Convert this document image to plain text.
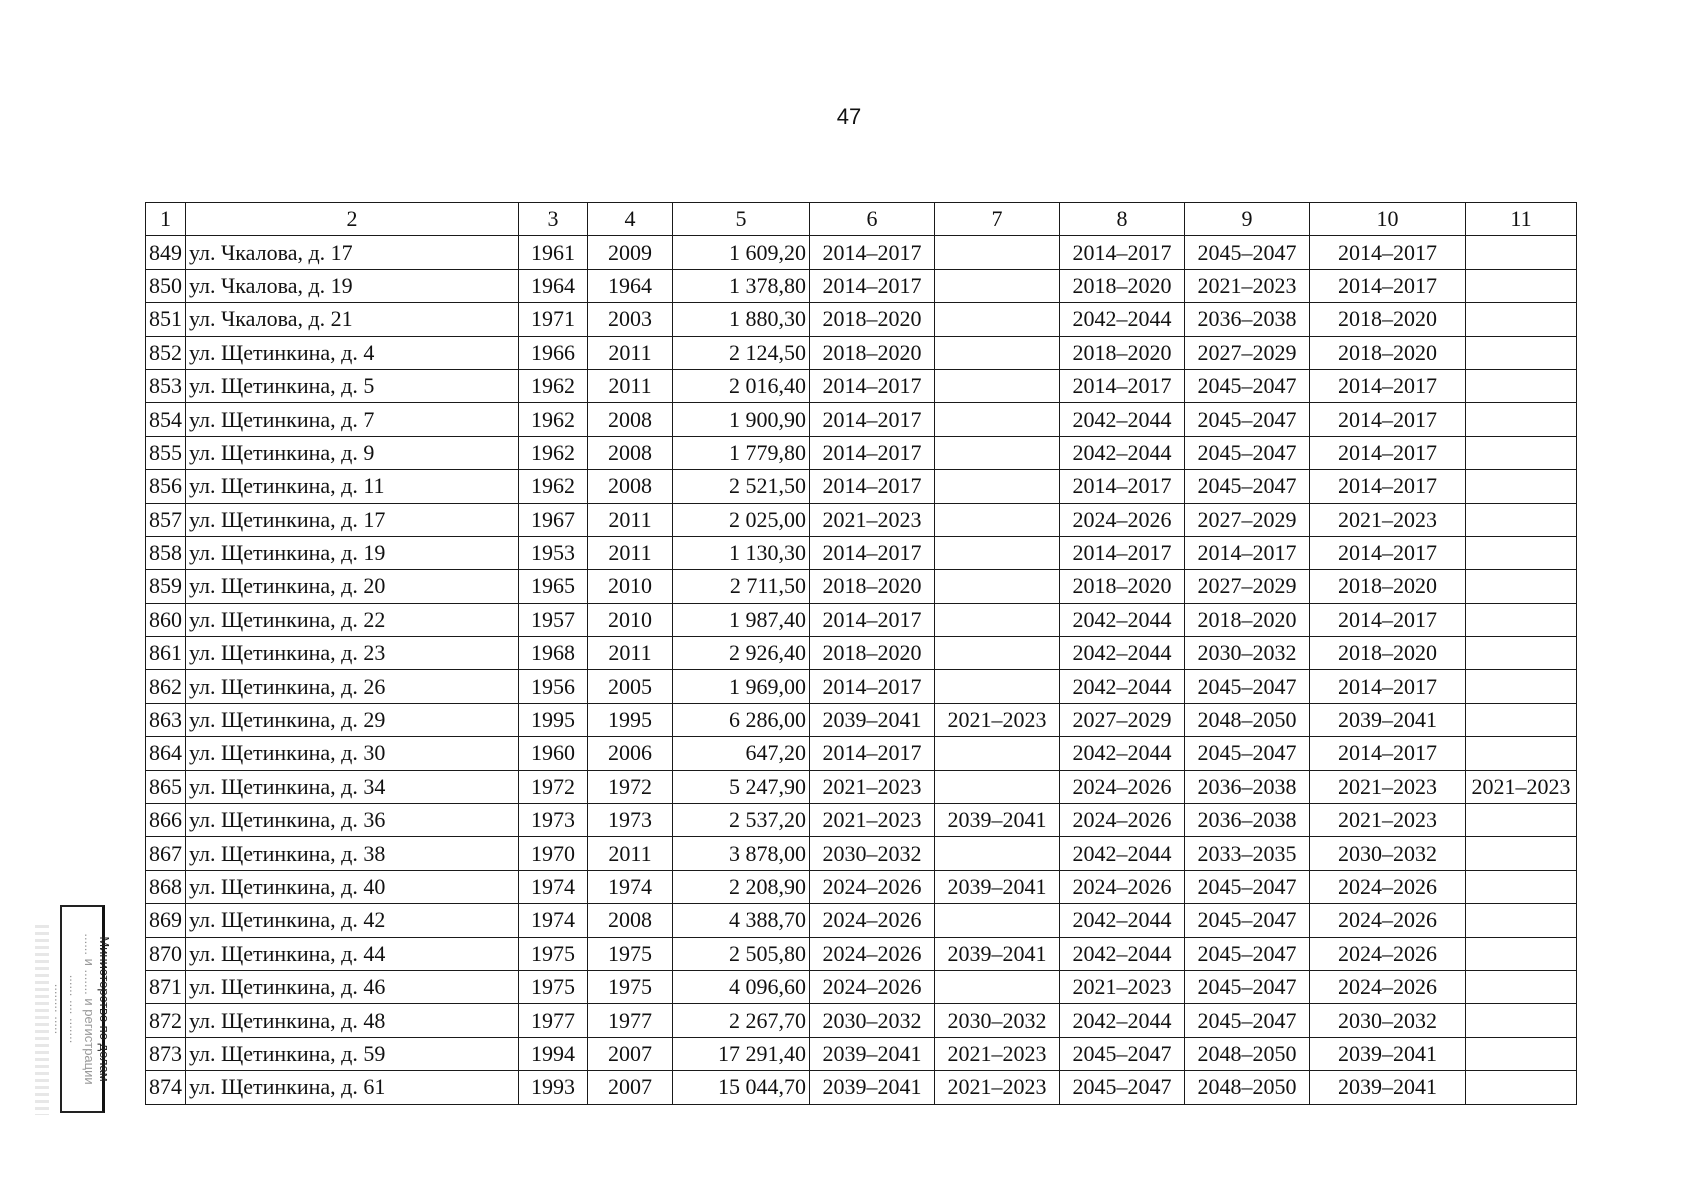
47
1	2	3	4	5	6	7	8	9	10	11
849	ул. Чкалова, д. 17	1961	2009	1 609,20	2014–2017		2014–2017	2045–2047	2014–2017	
850	ул. Чкалова, д. 19	1964	1964	1 378,80	2014–2017		2018–2020	2021–2023	2014–2017	
851	ул. Чкалова, д. 21	1971	2003	1 880,30	2018–2020		2042–2044	2036–2038	2018–2020	
852	ул. Щетинкина, д. 4	1966	2011	2 124,50	2018–2020		2018–2020	2027–2029	2018–2020	
853	ул. Щетинкина, д. 5	1962	2011	2 016,40	2014–2017		2014–2017	2045–2047	2014–2017	
854	ул. Щетинкина, д. 7	1962	2008	1 900,90	2014–2017		2042–2044	2045–2047	2014–2017	
855	ул. Щетинкина, д. 9	1962	2008	1 779,80	2014–2017		2042–2044	2045–2047	2014–2017	
856	ул. Щетинкина, д. 11	1962	2008	2 521,50	2014–2017		2014–2017	2045–2047	2014–2017	
857	ул. Щетинкина, д. 17	1967	2011	2 025,00	2021–2023		2024–2026	2027–2029	2021–2023	
858	ул. Щетинкина, д. 19	1953	2011	1 130,30	2014–2017		2014–2017	2014–2017	2014–2017	
859	ул. Щетинкина, д. 20	1965	2010	2 711,50	2018–2020		2018–2020	2027–2029	2018–2020	
860	ул. Щетинкина, д. 22	1957	2010	1 987,40	2014–2017		2042–2044	2018–2020	2014–2017	
861	ул. Щетинкина, д. 23	1968	2011	2 926,40	2018–2020		2042–2044	2030–2032	2018–2020	
862	ул. Щетинкина, д. 26	1956	2005	1 969,00	2014–2017		2042–2044	2045–2047	2014–2017	
863	ул. Щетинкина, д. 29	1995	1995	6 286,00	2039–2041	2021–2023	2027–2029	2048–2050	2039–2041	
864	ул. Щетинкина, д. 30	1960	2006	647,20	2014–2017		2042–2044	2045–2047	2014–2017	
865	ул. Щетинкина, д. 34	1972	1972	5 247,90	2021–2023		2024–2026	2036–2038	2021–2023	2021–2023
866	ул. Щетинкина, д. 36	1973	1973	2 537,20	2021–2023	2039–2041	2024–2026	2036–2038	2021–2023	
867	ул. Щетинкина, д. 38	1970	2011	3 878,00	2030–2032		2042–2044	2033–2035	2030–2032	
868	ул. Щетинкина, д. 40	1974	1974	2 208,90	2024–2026	2039–2041	2024–2026	2045–2047	2024–2026	
869	ул. Щетинкина, д. 42	1974	2008	4 388,70	2024–2026		2042–2044	2045–2047	2024–2026	
870	ул. Щетинкина, д. 44	1975	1975	2 505,80	2024–2026	2039–2041	2042–2044	2045–2047	2024–2026	
871	ул. Щетинкина, д. 46	1975	1975	4 096,60	2024–2026		2021–2023	2045–2047	2024–2026	
872	ул. Щетинкина, д. 48	1977	1977	2 267,70	2030–2032	2030–2032	2042–2044	2045–2047	2030–2032	
873	ул. Щетинкина, д. 59	1994	2007	17 291,40	2039–2041	2021–2023	2045–2047	2048–2050	2039–2041	
874	ул. Щетинкина, д. 61	1993	2007	15 044,70	2039–2041	2021–2023	2045–2047	2048–2050	2039–2041	
Министерство по делам
...... и ....... и регистрации
...... .... .......
........ .....
